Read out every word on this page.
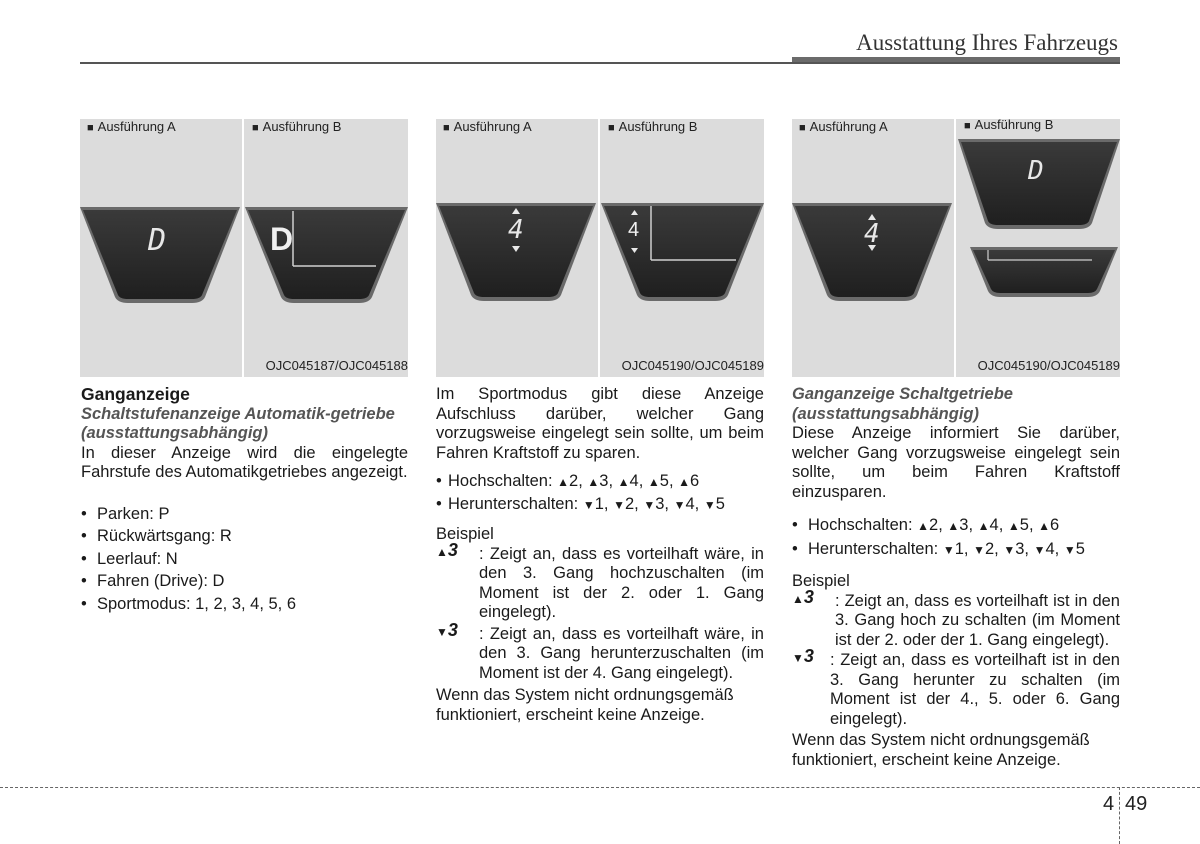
Ausstattung Ihres Fahrzeugs
■ Ausführung A	■ Ausführung B
D	D
OJC045187/OJC045188
■ Ausführung A	■ Ausführung B
4	4
OJC045190/OJC045189
■ Ausführung A	■ Ausführung B
4
D
OJC045190/OJC045189

Ganganzeige

Schaltstufenanzeige Automatik-getriebe (ausstattungsabhängig)

In dieser Anzeige wird die eingelegte Fahrstufe des Automatikgetriebes angezeigt.

• Parken: P
• Rückwärtsgang: R
• Leerlauf: N
• Fahren (Drive): D
• Sportmodus: 1, 2, 3, 4, 5, 6

Im Sportmodus gibt diese Anzeige Aufschluss darüber, welcher Gang vorzugsweise eingelegt sein sollte, um beim Fahren Kraftstoff zu sparen.

• Hochschalten: ▲2, ▲3, ▲4, ▲5, ▲6
• Herunterschalten: ▼1, ▼2, ▼3, ▼4, ▼5

Beispiel

▲3 : Zeigt an, dass es vorteilhaft wäre, in den 3. Gang hochzuschalten (im Moment ist der 2. oder 1. Gang eingelegt).
▼3 : Zeigt an, dass es vorteilhaft wäre, in den 3. Gang herunterzuschalten (im Moment ist der 4. Gang eingelegt).

Wenn das System nicht ordnungsgemäß funktioniert, erscheint keine Anzeige.

Ganganzeige Schaltgetriebe (ausstattungsabhängig)

Diese Anzeige informiert Sie darüber, welcher Gang vorzugsweise eingelegt sein sollte, um beim Fahren Kraftstoff einzusparen.

• Hochschalten: ▲2, ▲3, ▲4, ▲5, ▲6
• Herunterschalten: ▼1, ▼2, ▼3, ▼4, ▼5

Beispiel

▲3 : Zeigt an, dass es vorteilhaft ist in den 3. Gang hoch zu schalten (im Moment ist der 2. oder der 1. Gang eingelegt).
▼3 : Zeigt an, dass es vorteilhaft ist in den 3. Gang herunter zu schalten (im Moment ist der 4., 5. oder 6. Gang eingelegt).

Wenn das System nicht ordnungsgemäß funktioniert, erscheint keine Anzeige.

4 49
